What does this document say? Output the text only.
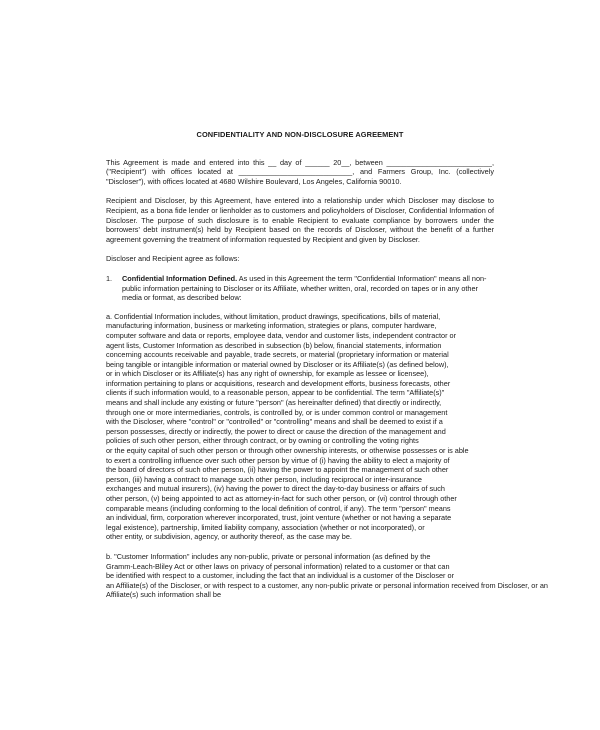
CONFIDENTIALITY AND NON-DISCLOSURE AGREEMENT
This Agreement is made and entered into this __ day of ______ 20__, between __________________________, ("Recipient") with offices located at ____________________________, and Farmers Group, Inc. (collectively "Discloser"), with offices located at 4680 Wilshire Boulevard, Los Angeles, California 90010.
Recipient and Discloser, by this Agreement, have entered into a relationship under which Discloser may disclose to Recipient, as a bona fide lender or lienholder as to customers and policyholders of Discloser, Confidential Information of Discloser. The purpose of such disclosure is to enable Recipient to evaluate compliance by borrowers under the borrowers' debt instrument(s) held by Recipient based on the records of Discloser, without the benefit of a further agreement governing the treatment of information requested by Recipient and given by Discloser.
Discloser and Recipient agree as follows:
1.	Confidential Information Defined. As used in this Agreement the term "Confidential Information" means all non-public information pertaining to Discloser or its Affiliate, whether written, oral, recorded on tapes or in any other media or format, as described below:
a. Confidential Information includes, without limitation, product drawings, specifications, bills of material,
manufacturing information, business or marketing information, strategies or plans, computer hardware,
computer software and data or reports, employee data, vendor and customer lists, independent contractor or
agent lists, Customer Information as described in subsection (b) below, financial statements, information
concerning accounts receivable and payable, trade secrets, or material (proprietary information or material
being tangible or intangible information or material owned by Discloser or its Affiliate(s) (as defined below),
or in which Discloser or its Affiliate(s) has any right of ownership, for example as lessee or licensee),
information pertaining to plans or acquisitions, research and development efforts, business forecasts, other
clients if such information would, to a reasonable person, appear to be confidential. The term "Affiliate(s)"
means and shall include any existing or future "person" (as hereinafter defined) that directly or indirectly,
through one or more intermediaries, controls, is controlled by, or is under common control or management
with the Discloser, where "control" or "controlled" or "controlling" means and shall be deemed to exist if a
person possesses, directly or indirectly, the power to direct or cause the direction of the management and
policies of such other person, either through contract, or by owning or controlling the voting rights
or the equity capital of such other person or through other ownership interests, or otherwise possesses or is able
to exert a controlling influence over such other person by virtue of (i) having the ability to elect a majority of
the board of directors of such other person, (ii) having the power to appoint the management of such other
person, (iii) having a contract to manage such other person, including reciprocal or inter-insurance
exchanges and mutual insurers), (iv) having the power to direct the day-to-day business or affairs of such
other person, (v) being appointed to act as attorney-in-fact for such other person, or (vi) control through other
comparable means (including conforming to the local definition of control, if any). The term "person" means
an individual, firm, corporation wherever incorporated, trust, joint venture (whether or not having a separate
legal existence), partnership, limited liability company, association (whether or not incorporated), or
other entity, or subdivision, agency, or authority thereof, as the case may be.
b. "Customer Information" includes any non-public, private or personal information (as defined by the
Gramm-Leach-Bliley Act or other laws on privacy of personal information) related to a customer or that can
be identified with respect to a customer, including the fact that an individual is a customer of the Discloser or
an Affiliate(s) of the Discloser, or with respect to a customer, any non-public private or personal information received from Discloser, or an
Affiliate(s) such information shall be
